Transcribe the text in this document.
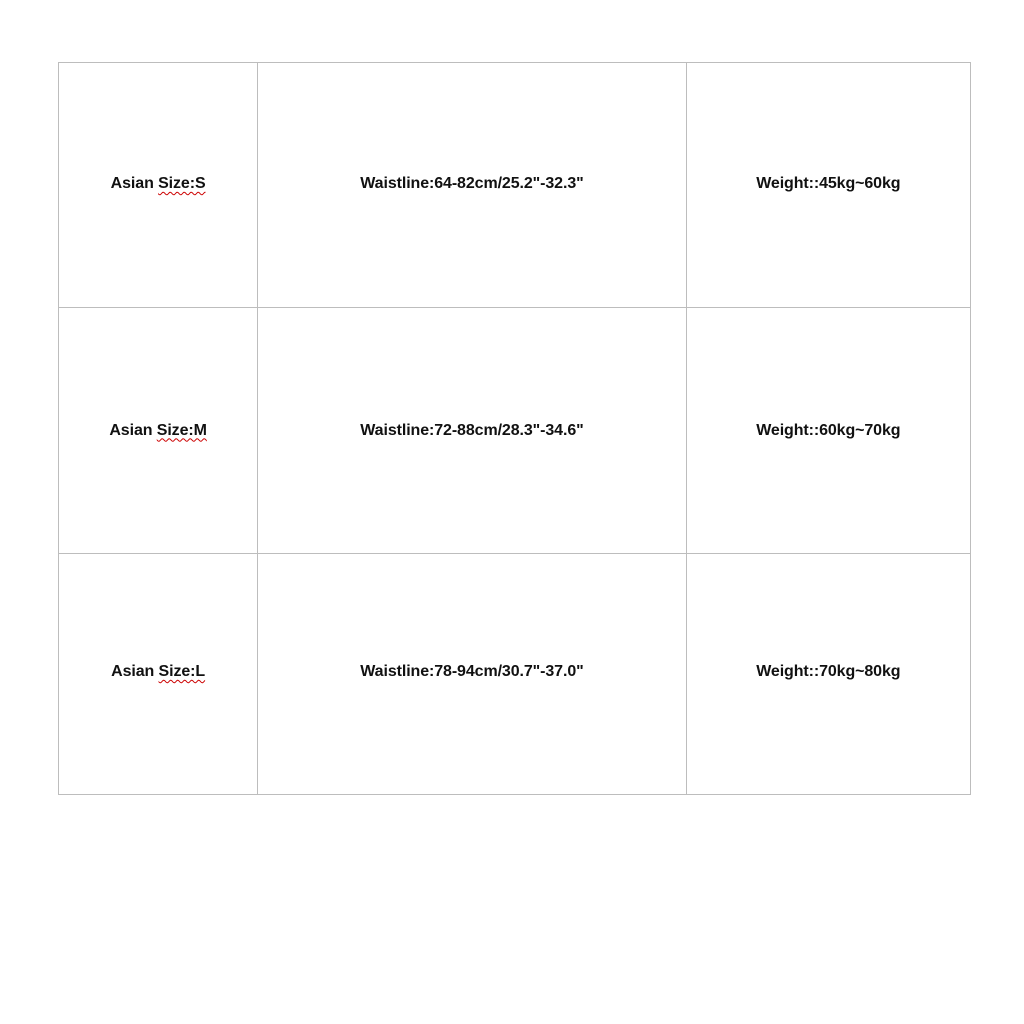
Asian Size:S	Waistline:64-82cm/25.2"-32.3"	Weight::45kg~60kg
Asian Size:M	Waistline:72-88cm/28.3"-34.6"	Weight::60kg~70kg
Asian Size:L	Waistline:78-94cm/30.7"-37.0"	Weight::70kg~80kg
